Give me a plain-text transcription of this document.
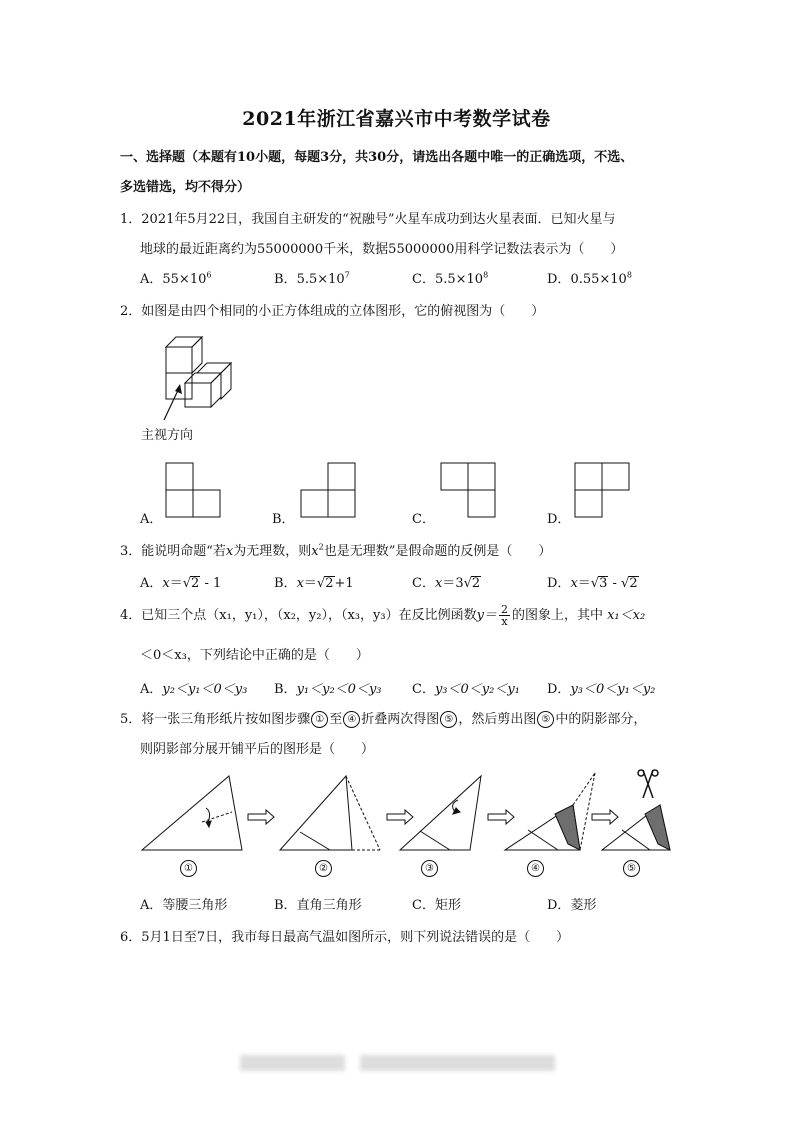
2021年浙江省嘉兴市中考数学试卷
一、选择题（本题有10小题，每题3分，共30分，请选出各题中唯一的正确选项，不选、
多选错选，均不得分）
1．2021年5月22日，我国自主研发的“祝融号”火星车成功到达火星表面．已知火星与
地球的最近距离约为55000000千米，数据55000000用科学记数法表示为（　　）
A．$55\times 10^6$	B．$5.5\times 10^7$	C．$5.5\times 10^8$	D．$0.55\times 10^8$
2．如图是由四个相同的小正方体组成的立体图形，它的俯视图为（　　）
主视方向
A．	B．	C．	D．
3．能说明命题“若x为无理数，则$x^2$也是无理数”是假命题的反例是（　　）
A．x＝√2 - 1	B．x＝√2+1	C．x＝3√2	D．x＝√3 - √2
4．已知三个点（x₁，y₁），（x₂，y₂），（x₃，y₃）在反比例函数$y= \frac{2}{x}$ 的图象上，其中 x₁＜x₂
＜0＜x₃，下列结论中正确的是（　　）
A．y₂＜y₁＜0＜y₃ B．y₁＜y₂＜0＜y₃ C．y₃＜0＜y₂＜y₁ D．y₃＜0＜y₁＜y₂
5．将一张三角形纸片按如图步骤 ① 至 ④ 折叠两次得图 ⑤ ，然后剪出图 ⑤ 中的阴影部分，
则阴影部分展开铺平后的图形是（　　）
①	②	③	④	⑤
A．等腰三角形	B．直角三角形	C．矩形	D．菱形
6．5月1日至7日，我市每日最高气温如图所示，则下列说法错误的是（　　）
